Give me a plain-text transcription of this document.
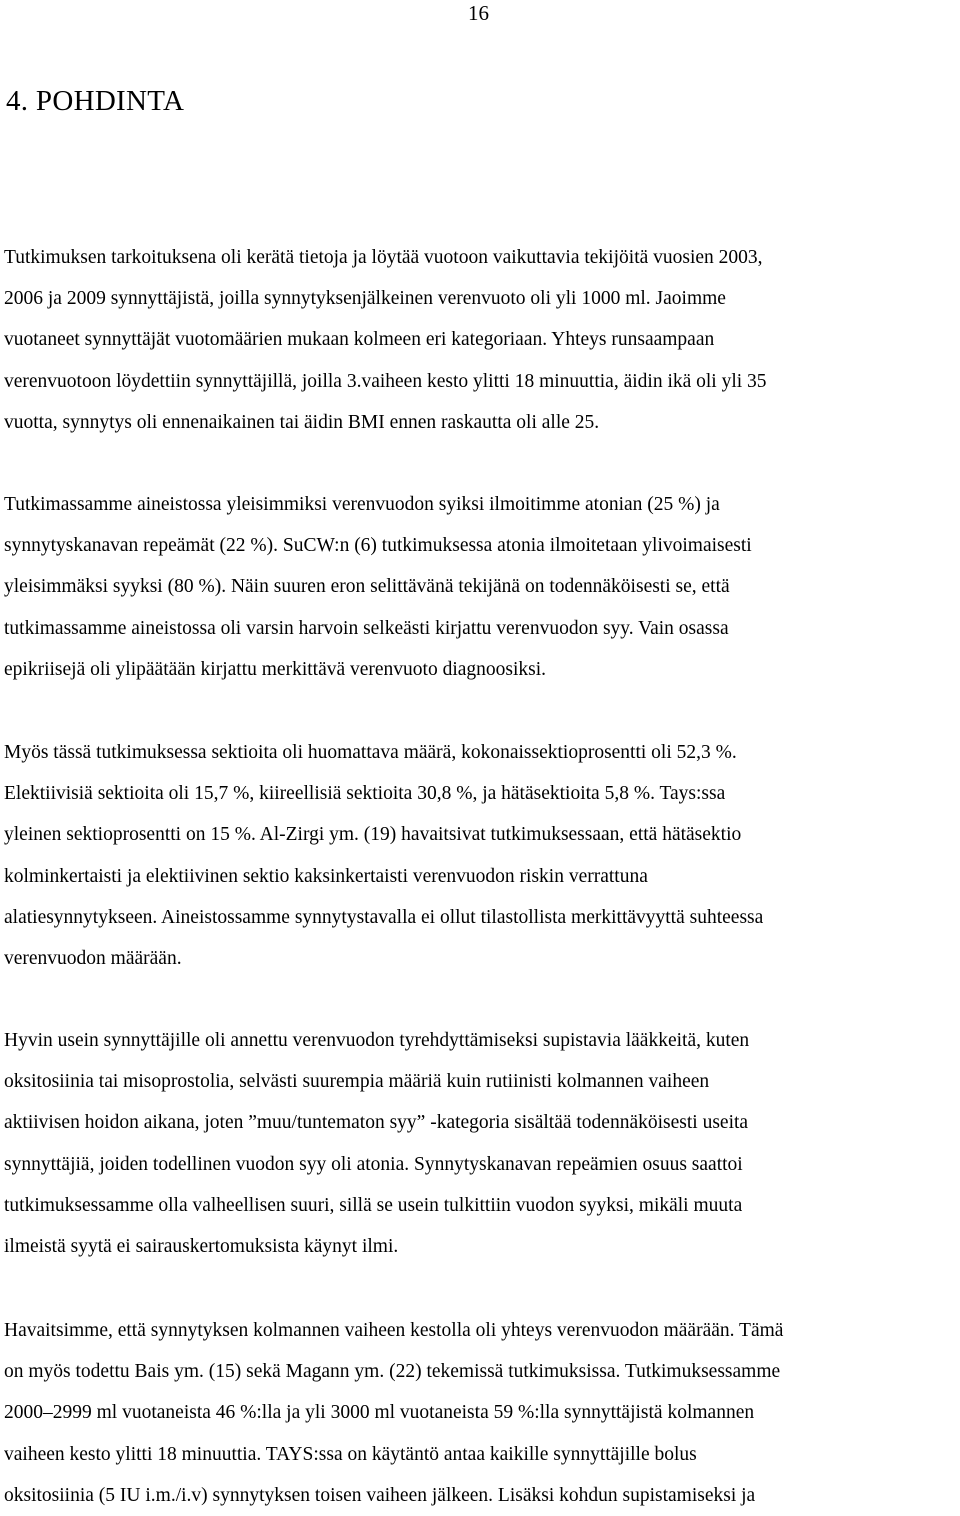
16
4. POHDINTA
Tutkimuksen tarkoituksena oli kerätä tietoja ja löytää vuotoon vaikuttavia tekijöitä vuosien 2003,
2006 ja 2009 synnyttäjistä, joilla synnytyksenjälkeinen verenvuoto oli yli 1000 ml. Jaoimme
vuotaneet synnyttäjät vuotomäärien mukaan kolmeen eri kategoriaan. Yhteys runsaampaan
verenvuotoon löydettiin synnyttäjillä, joilla 3.vaiheen kesto ylitti 18 minuuttia, äidin ikä oli yli 35
vuotta, synnytys oli ennenaikainen tai äidin BMI ennen raskautta oli alle 25.
Tutkimassamme aineistossa yleisimmiksi verenvuodon syiksi ilmoitimme atonian (25 %) ja
synnytyskanavan repeämät (22 %). SuCW:n (6) tutkimuksessa atonia ilmoitetaan ylivoimaisesti
yleisimmäksi syyksi (80 %). Näin suuren eron selittävänä tekijänä on todennäköisesti se, että
tutkimassamme aineistossa oli varsin harvoin selkeästi kirjattu verenvuodon syy. Vain osassa
epikriisejä oli ylipäätään kirjattu merkittävä verenvuoto diagnoosiksi.
Myös tässä tutkimuksessa sektioita oli huomattava määrä, kokonaissektioprosentti oli 52,3 %.
Elektiivisiä sektioita oli 15,7 %, kiireellisiä sektioita 30,8 %, ja hätäsektioita 5,8 %. Tays:ssa
yleinen sektioprosentti on 15 %. Al-Zirgi ym. (19) havaitsivat tutkimuksessaan, että hätäsektio
kolminkertaisti ja elektiivinen sektio kaksinkertaisti verenvuodon riskin verrattuna
alatiesynnytykseen. Aineistossamme synnytystavalla ei ollut tilastollista merkittävyyttä suhteessa
verenvuodon määrään.
Hyvin usein synnyttäjille oli annettu verenvuodon tyrehdyttämiseksi supistavia lääkkeitä, kuten
oksitosiinia tai misoprostolia, selvästi suurempia määriä kuin rutiinisti kolmannen vaiheen
aktiivisen hoidon aikana, joten ”muu/tuntematon syy” -kategoria sisältää todennäköisesti useita
synnyttäjiä, joiden todellinen vuodon syy oli atonia. Synnytyskanavan repeämien osuus saattoi
tutkimuksessamme olla valheellisen suuri, sillä se usein tulkittiin vuodon syyksi, mikäli muuta
ilmeistä syytä ei sairauskertomuksista käynyt ilmi.
Havaitsimme, että synnytyksen kolmannen vaiheen kestolla oli yhteys verenvuodon määrään. Tämä
on myös todettu Bais ym. (15) sekä Magann ym. (22) tekemissä tutkimuksissa. Tutkimuksessamme
2000–2999 ml vuotaneista 46 %:lla ja yli 3000 ml vuotaneista 59 %:lla synnyttäjistä kolmannen
vaiheen kesto ylitti 18 minuuttia. TAYS:ssa on käytäntö antaa kaikille synnyttäjille bolus
oksitosiinia (5 IU i.m./i.v) synnytyksen toisen vaiheen jälkeen. Lisäksi kohdun supistamiseksi ja
